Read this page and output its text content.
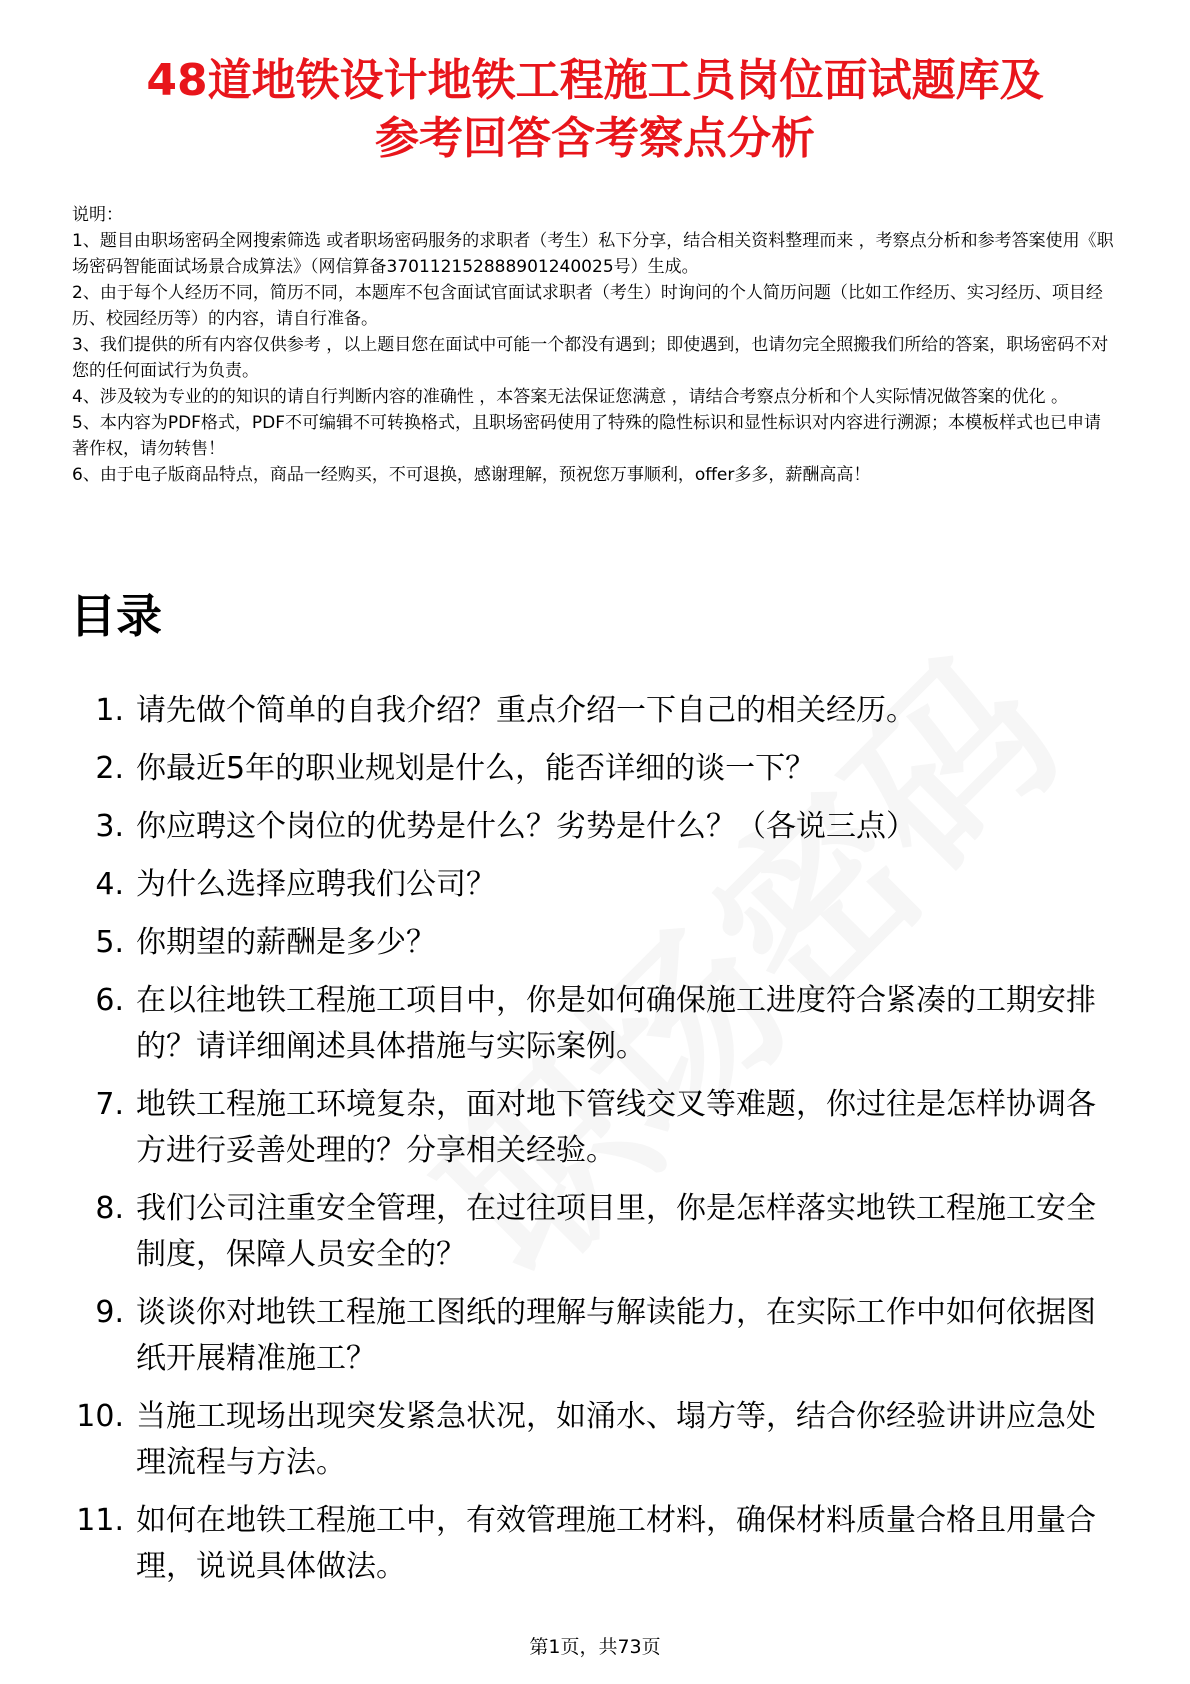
48道地铁设计地铁工程施工员岗位面试题库及
参考回答含考察点分析

说明：

1、题目由职场密码全网搜索筛选 或者职场密码服务的求职者（考生）私下分享，结合相关资料整理而来 ，考察点分析和参考答案使用《职场密码智能面试场景合成算法》（网信算备370112152888901240025号）生成。

2、由于每个人经历不同，简历不同，本题库不包含面试官面试求职者（考生）时询问的个人简历问题（比如工作经历、实习经历、项目经历、校园经历等）的内容，请自行准备。

3、我们提供的所有内容仅供参考 ，以上题目您在面试中可能一个都没有遇到；即使遇到，也请勿完全照搬我们所给的答案，职场密码不对您的任何面试行为负责。

4、涉及较为专业的的知识的请自行判断内容的准确性 ，本答案无法保证您满意 ，请结合考察点分析和个人实际情况做答案的优化 。

5、本内容为PDF格式，PDF不可编辑不可转换格式，且职场密码使用了特殊的隐性标识和显性标识对内容进行溯源；本模板样式也已申请著作权，请勿转售！

6、由于电子版商品特点，商品一经购买，不可退换，感谢理解，预祝您万事顺利，offer多多，薪酬高高！

目录
1. 请先做个简单的自我介绍？重点介绍一下自己的相关经历。
2. 你最近5年的职业规划是什么，能否详细的谈一下？
3. 你应聘这个岗位的优势是什么？劣势是什么？（各说三点）
4. 为什么选择应聘我们公司？
5. 你期望的薪酬是多少？
6. 在以往地铁工程施工项目中，你是如何确保施工进度符合紧凑的工期安排的？请详细阐述具体措施与实际案例。
7. 地铁工程施工环境复杂，面对地下管线交叉等难题，你过往是怎样协调各方进行妥善处理的？分享相关经验。
8. 我们公司注重安全管理，在过往项目里，你是怎样落实地铁工程施工安全制度，保障人员安全的？
9. 谈谈你对地铁工程施工图纸的理解与解读能力，在实际工作中如何依据图纸开展精准施工？
10. 当施工现场出现突发紧急状况，如涌水、塌方等，结合你经验讲讲应急处理流程与方法。
11. 如何在地铁工程施工中，有效管理施工材料，确保材料质量合格且用量合理，说说具体做法。

第1页，共73页
